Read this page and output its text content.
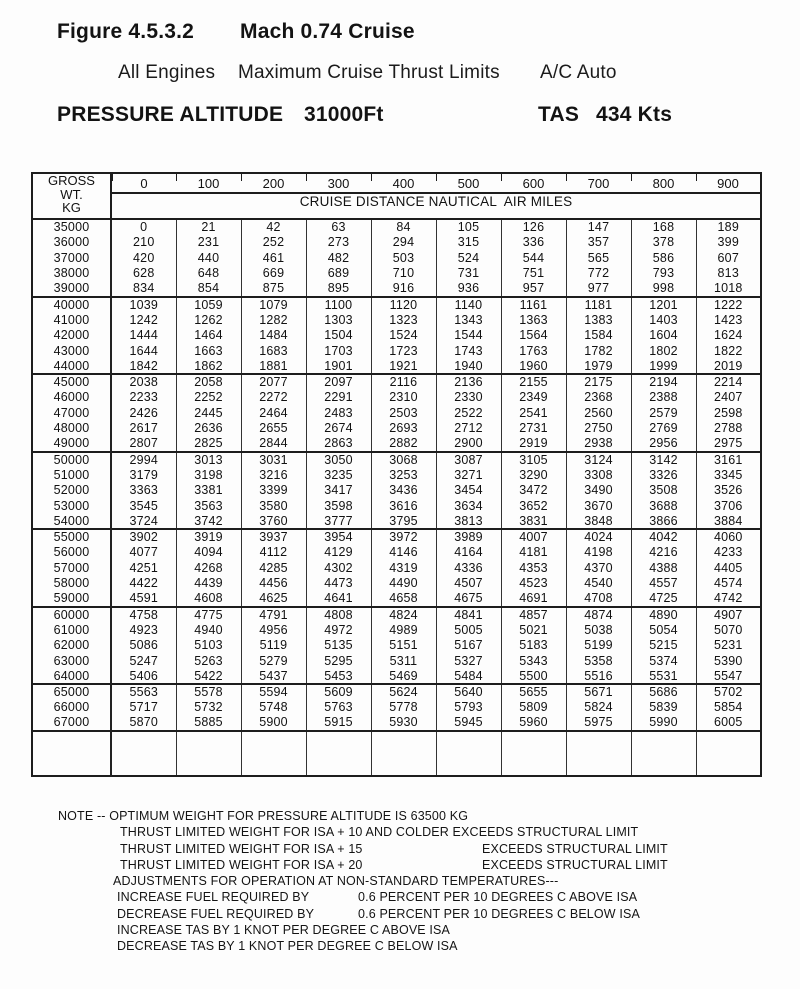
Figure 4.5.3.2 Mach 0.74 Cruise
All Engines Maximum Cruise Thrust Limits A/C Auto
PRESSURE ALTITUDE 31000Ft	TAS 434 Kts
GROSS
WT.
KG	0	100	200	300	400	500	600	700	800	900
	CRUISE DISTANCE NAUTICAL  AIR MILES									
35000	0	21	42	63	84	105	126	147	168	189
36000	210	231	252	273	294	315	336	357	378	399
37000	420	440	461	482	503	524	544	565	586	607
38000	628	648	669	689	710	731	751	772	793	813
39000	834	854	875	895	916	936	957	977	998	1018
40000	1039	1059	1079	1100	1120	1140	1161	1181	1201	1222
41000	1242	1262	1282	1303	1323	1343	1363	1383	1403	1423
42000	1444	1464	1484	1504	1524	1544	1564	1584	1604	1624
43000	1644	1663	1683	1703	1723	1743	1763	1782	1802	1822
44000	1842	1862	1881	1901	1921	1940	1960	1979	1999	2019
45000	2038	2058	2077	2097	2116	2136	2155	2175	2194	2214
46000	2233	2252	2272	2291	2310	2330	2349	2368	2388	2407
47000	2426	2445	2464	2483	2503	2522	2541	2560	2579	2598
48000	2617	2636	2655	2674	2693	2712	2731	2750	2769	2788
49000	2807	2825	2844	2863	2882	2900	2919	2938	2956	2975
50000	2994	3013	3031	3050	3068	3087	3105	3124	3142	3161
51000	3179	3198	3216	3235	3253	3271	3290	3308	3326	3345
52000	3363	3381	3399	3417	3436	3454	3472	3490	3508	3526
53000	3545	3563	3580	3598	3616	3634	3652	3670	3688	3706
54000	3724	3742	3760	3777	3795	3813	3831	3848	3866	3884
55000	3902	3919	3937	3954	3972	3989	4007	4024	4042	4060
56000	4077	4094	4112	4129	4146	4164	4181	4198	4216	4233
57000	4251	4268	4285	4302	4319	4336	4353	4370	4388	4405
58000	4422	4439	4456	4473	4490	4507	4523	4540	4557	4574
59000	4591	4608	4625	4641	4658	4675	4691	4708	4725	4742
60000	4758	4775	4791	4808	4824	4841	4857	4874	4890	4907
61000	4923	4940	4956	4972	4989	5005	5021	5038	5054	5070
62000	5086	5103	5119	5135	5151	5167	5183	5199	5215	5231
63000	5247	5263	5279	5295	5311	5327	5343	5358	5374	5390
64000	5406	5422	5437	5453	5469	5484	5500	5516	5531	5547
65000	5563	5578	5594	5609	5624	5640	5655	5671	5686	5702
66000	5717	5732	5748	5763	5778	5793	5809	5824	5839	5854
67000	5870	5885	5900	5915	5930	5945	5960	5975	5990	6005

NOTE -- OPTIMUM WEIGHT FOR PRESSURE ALTITUDE IS 63500 KG
THRUST LIMITED WEIGHT FOR ISA + 10 AND COLDER EXCEEDS STRUCTURAL LIMIT
THRUST LIMITED WEIGHT FOR ISA + 15	EXCEEDS STRUCTURAL LIMIT
THRUST LIMITED WEIGHT FOR ISA + 20	EXCEEDS STRUCTURAL LIMIT
ADJUSTMENTS FOR OPERATION AT NON-STANDARD TEMPERATURES---
INCREASE FUEL REQUIRED BY	0.6 PERCENT PER 10 DEGREES C ABOVE ISA
DECREASE FUEL REQUIRED BY	0.6 PERCENT PER 10 DEGREES C BELOW ISA
INCREASE TAS BY 1 KNOT PER DEGREE C ABOVE ISA
DECREASE TAS BY 1 KNOT PER DEGREE C BELOW ISA
